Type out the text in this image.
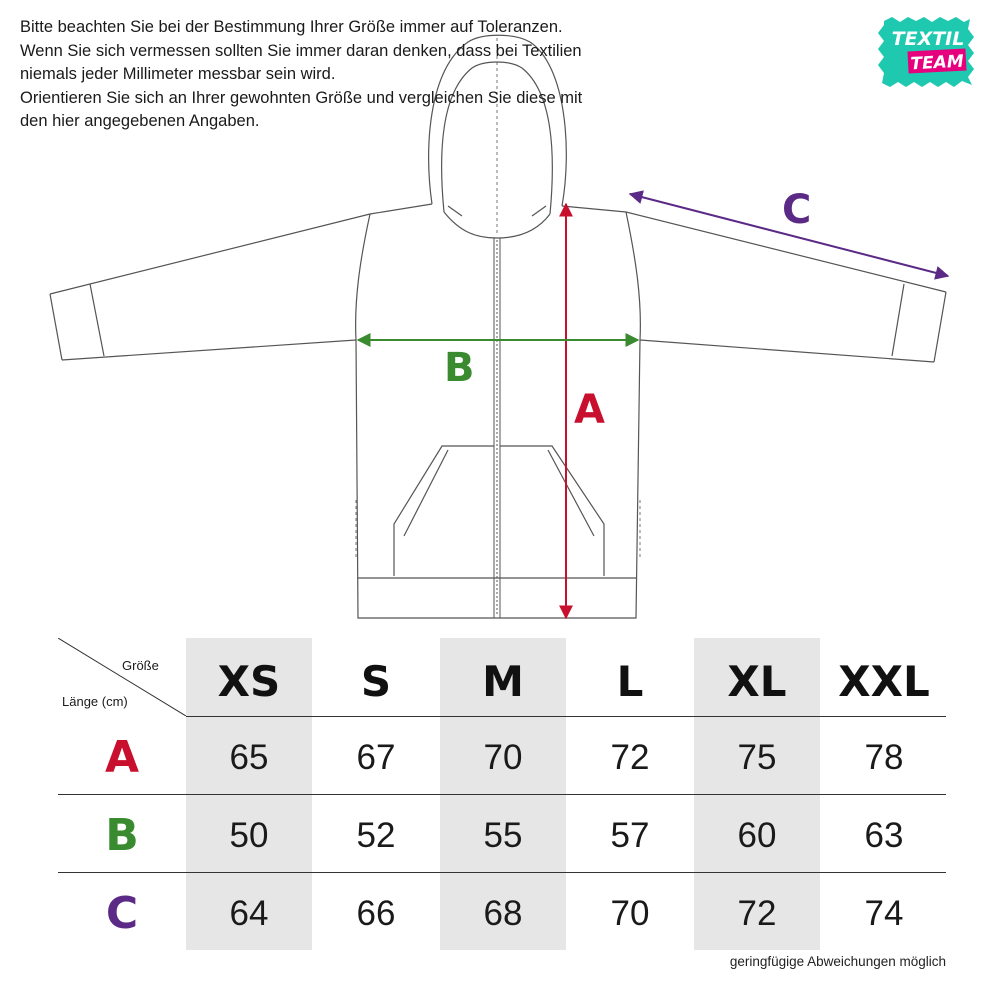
Bitte beachten Sie bei der Bestimmung Ihrer Größe immer auf Toleranzen.
Wenn Sie sich vermessen sollten Sie immer daran denken, dass bei Textilien
niemals jeder Millimeter messbar sein wird.
Orientieren Sie sich an Ihrer gewohnten Größe und vergleichen Sie diese mit
den hier angegebenen Angaben.
TEXTIL
TEAM
A
B
C
Größe
Länge (cm)	XS	S	M	L	XL	XXL
A	65	67	70	72	75	78
B	50	52	55	57	60	63
C	64	66	68	70	72	74
geringfügige Abweichungen möglich
